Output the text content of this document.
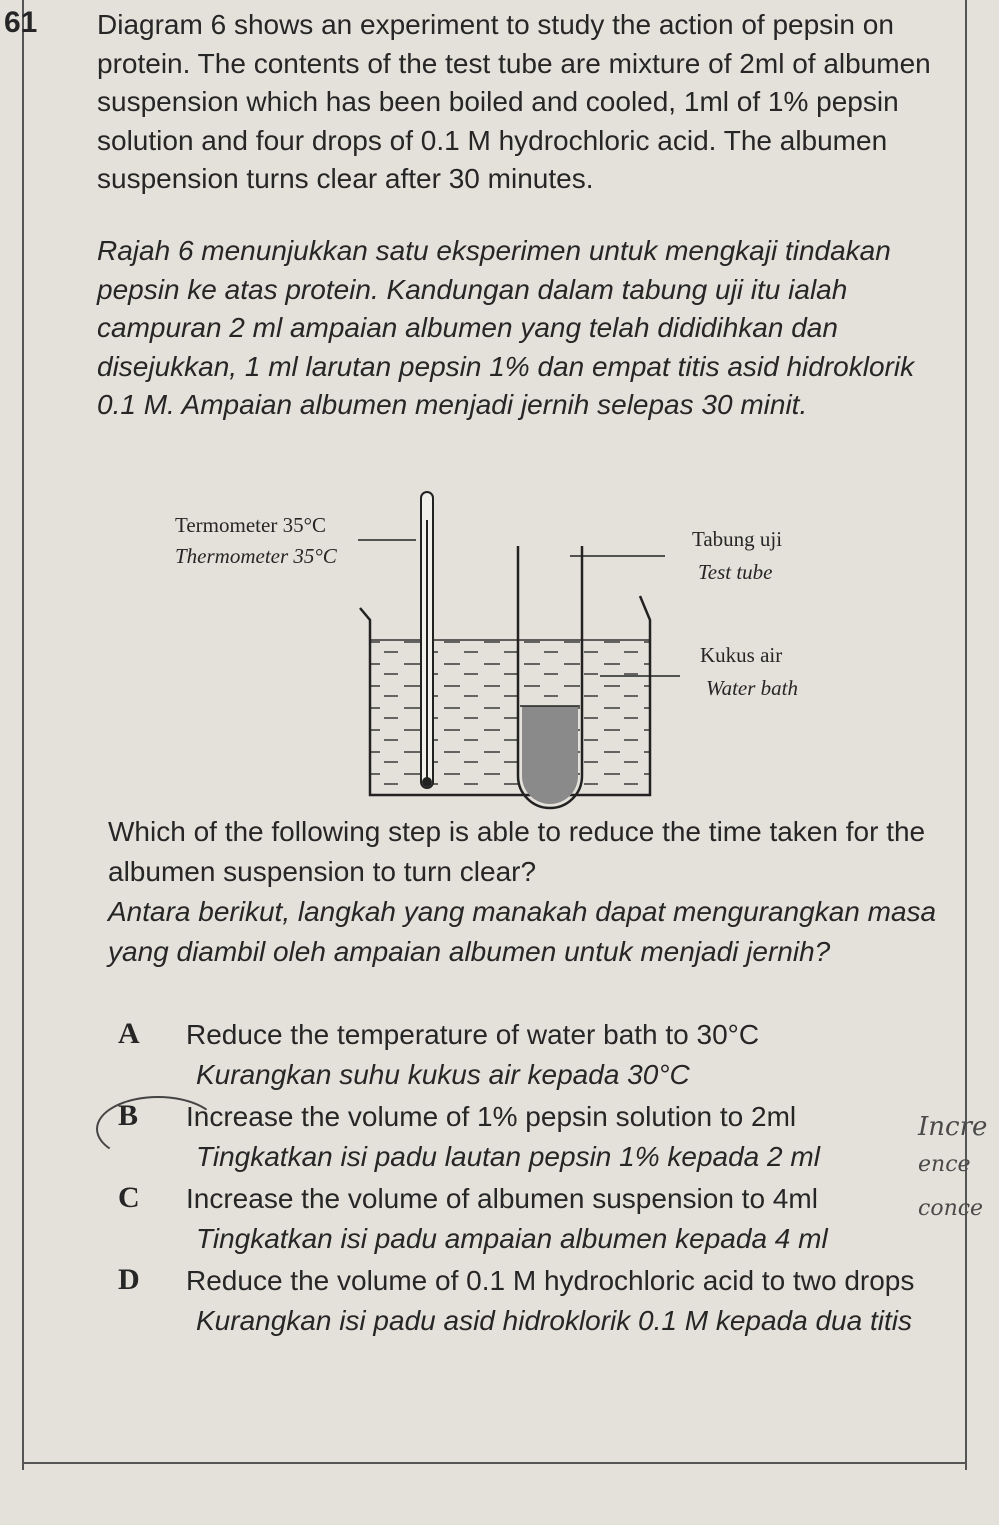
61 Diagram 6 shows an experiment to study the action of pepsin on protein. The contents of the test tube are mixture of 2ml of albumen suspension which has been boiled and cooled, 1ml of 1% pepsin solution and four drops of 0.1 M hydrochloric acid. The albumen suspension turns clear after 30 minutes.

Rajah 6 menunjukkan satu eksperimen untuk mengkaji tindakan pepsin ke atas protein. Kandungan dalam tabung uji itu ialah campuran 2 ml ampaian albumen yang telah dididihkan dan disejukkan, 1 ml larutan pepsin 1% dan empat titis asid hidroklorik 0.1 M. Ampaian albumen menjadi jernih selepas 30 minit.

Termometer 35°C
Thermometer 35°C
Tabung uji
Test tube
Kukus air
Water bath

Which of the following step is able to reduce the time taken for the albumen suspension to turn clear?

Antara berikut, langkah yang manakah dapat mengurangkan masa yang diambil oleh ampaian albumen untuk menjadi jernih?

A Reduce the temperature of water bath to 30°C
Kurangkan suhu kukus air kepada 30°C
B Increase the volume of 1% pepsin solution to 2ml
Tingkatkan isi padu lautan pepsin 1% kepada 2 ml
C Increase the volume of albumen suspension to 4ml
Tingkatkan isi padu ampaian albumen kepada 4 ml
D Reduce the volume of 0.1 M hydrochloric acid to two drops
Kurangkan isi padu asid hidroklorik 0.1 M kepada dua titis
Incre
ence
conce
